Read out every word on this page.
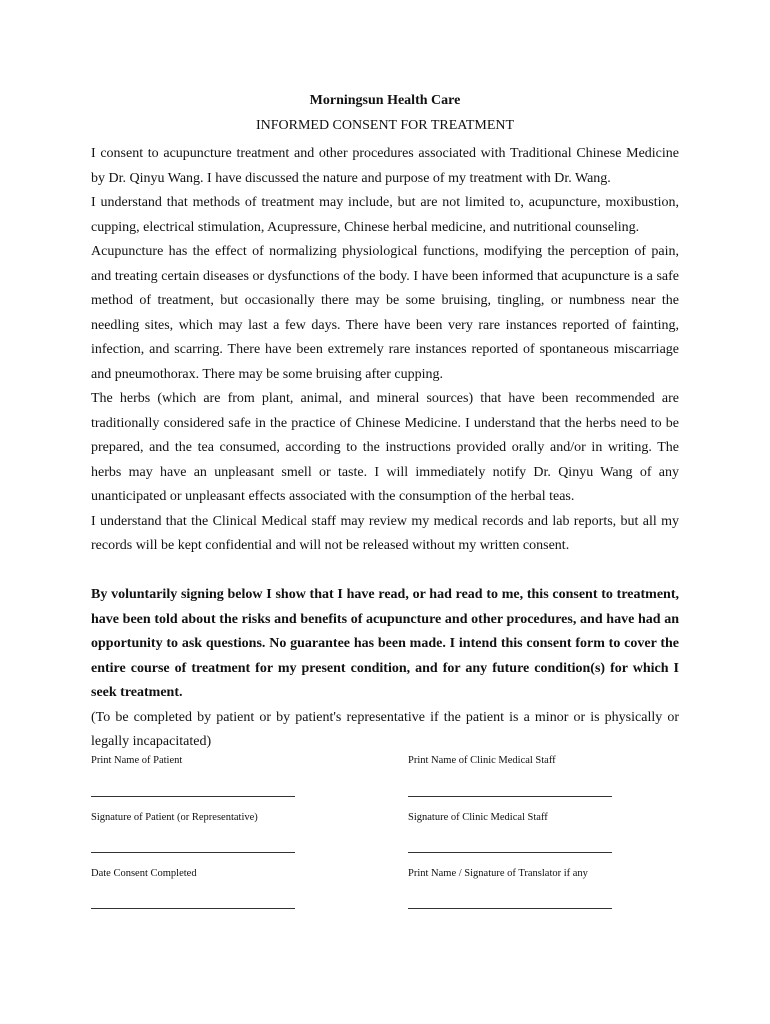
Morningsun Health Care
INFORMED CONSENT FOR TREATMENT

I consent to acupuncture treatment and other procedures associated with Traditional Chinese Medicine by Dr. Qinyu Wang. I have discussed the nature and purpose of my treatment with Dr. Wang.

I understand that methods of treatment may include, but are not limited to, acupuncture, moxibustion, cupping, electrical stimulation, Acupressure, Chinese herbal medicine, and nutritional counseling.

Acupuncture has the effect of normalizing physiological functions, modifying the perception of pain, and treating certain diseases or dysfunctions of the body. I have been informed that acupuncture is a safe method of treatment, but occasionally there may be some bruising, tingling, or numbness near the needling sites, which may last a few days. There have been very rare instances reported of fainting, infection, and scarring. There have been extremely rare instances reported of spontaneous miscarriage and pneumothorax. There may be some bruising after cupping.

The herbs (which are from plant, animal, and mineral sources) that have been recommended are traditionally considered safe in the practice of Chinese Medicine. I understand that the herbs need to be prepared, and the tea consumed, according to the instructions provided orally and/or in writing. The herbs may have an unpleasant smell or taste. I will immediately notify Dr. Qinyu Wang of any unanticipated or unpleasant effects associated with the consumption of the herbal teas.

I understand that the Clinical Medical staff may review my medical records and lab reports, but all my records will be kept confidential and will not be released without my written consent.

By voluntarily signing below I show that I have read, or had read to me, this consent to treatment, have been told about the risks and benefits of acupuncture and other procedures, and have had an opportunity to ask questions. No guarantee has been made. I intend this consent form to cover the entire course of treatment for my present condition, and for any future condition(s) for which I seek treatment.

(To be completed by patient or by patient's representative if the patient is a minor or is physically or legally incapacitated)

Print Name of Patient	Print Name of Clinic Medical Staff
Signature of Patient (or Representative)	Signature of Clinic Medical Staff
Date Consent Completed	Print Name / Signature of Translator if any
